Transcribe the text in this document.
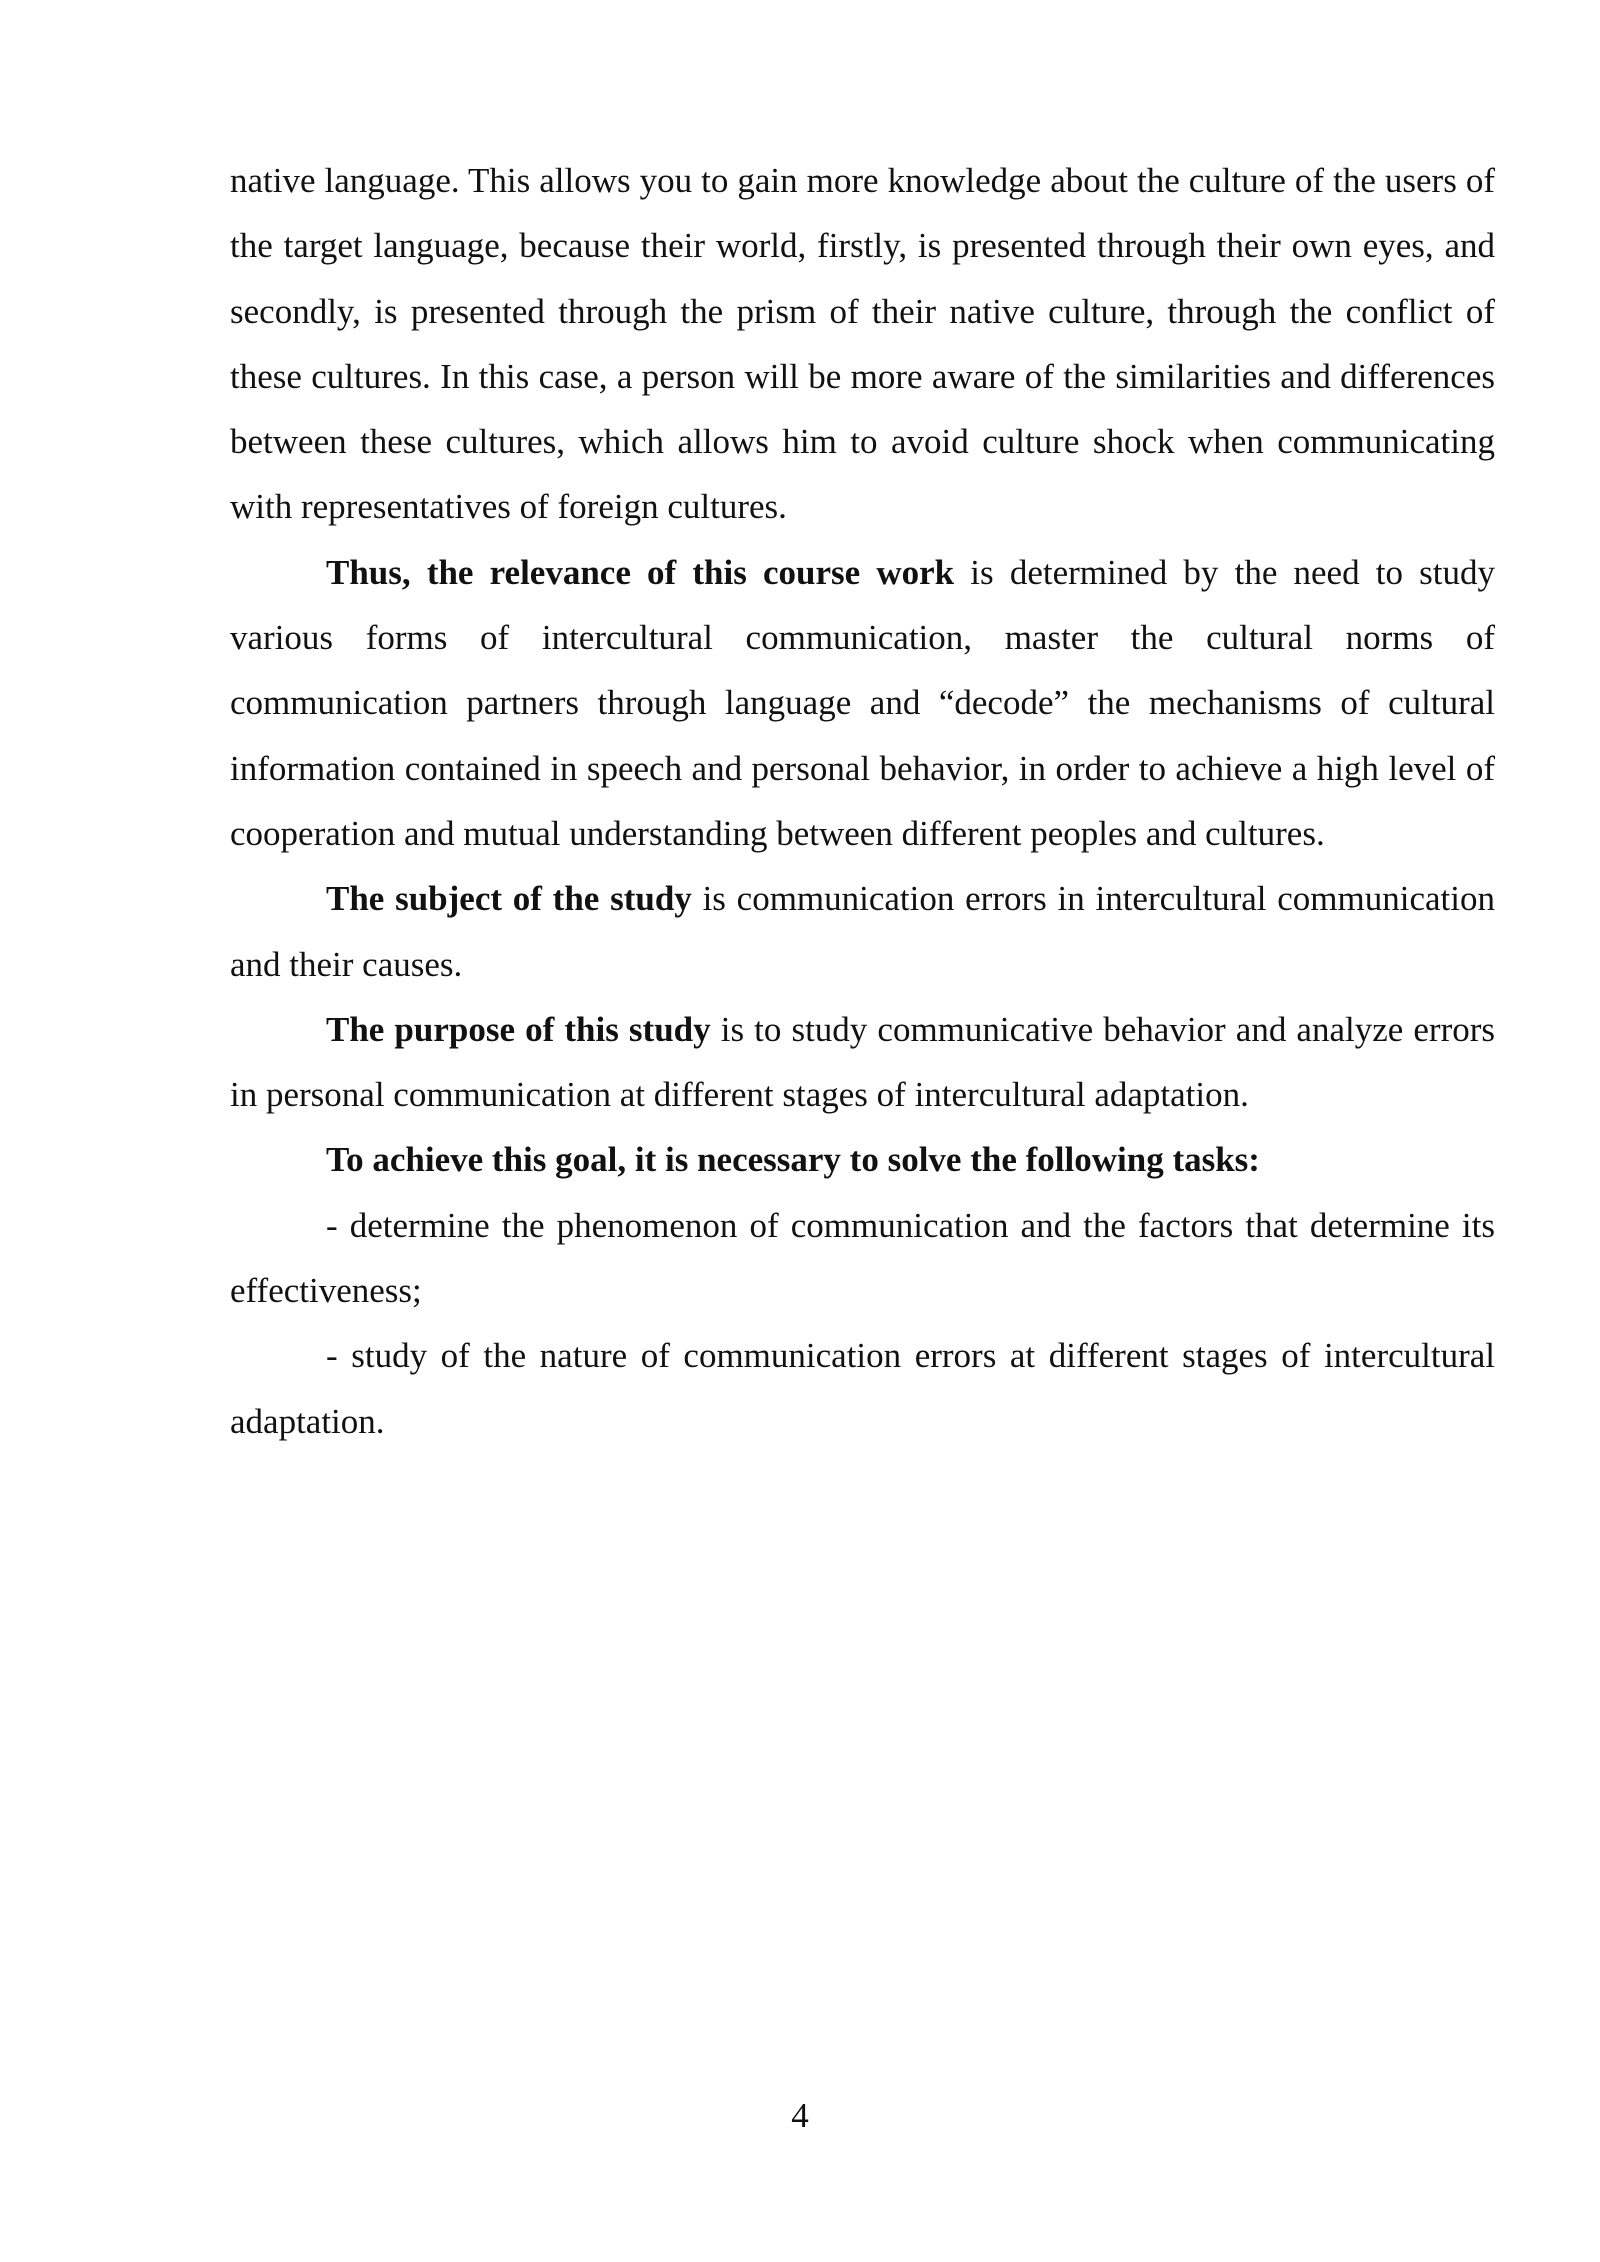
native language. This allows you to gain more knowledge about the culture of the users of the target language, because their world, firstly, is presented through their own eyes, and secondly, is presented through the prism of their native culture, through the conflict of these cultures. In this case, a person will be more aware of the similarities and differences between these cultures, which allows him to avoid culture shock when communicating with representatives of foreign cultures.

Thus, the relevance of this course work is determined by the need to study various forms of intercultural communication, master the cultural norms of communication partners through language and “decode” the mechanisms of cultural information contained in speech and personal behavior, in order to achieve a high level of cooperation and mutual understanding between different peoples and cultures.

The subject of the study is communication errors in intercultural communication and their causes.

The purpose of this study is to study communicative behavior and analyze errors in personal communication at different stages of intercultural adaptation.

To achieve this goal, it is necessary to solve the following tasks:

- determine the phenomenon of communication and the factors that determine its effectiveness;

- study of the nature of communication errors at different stages of intercultural adaptation.

4
